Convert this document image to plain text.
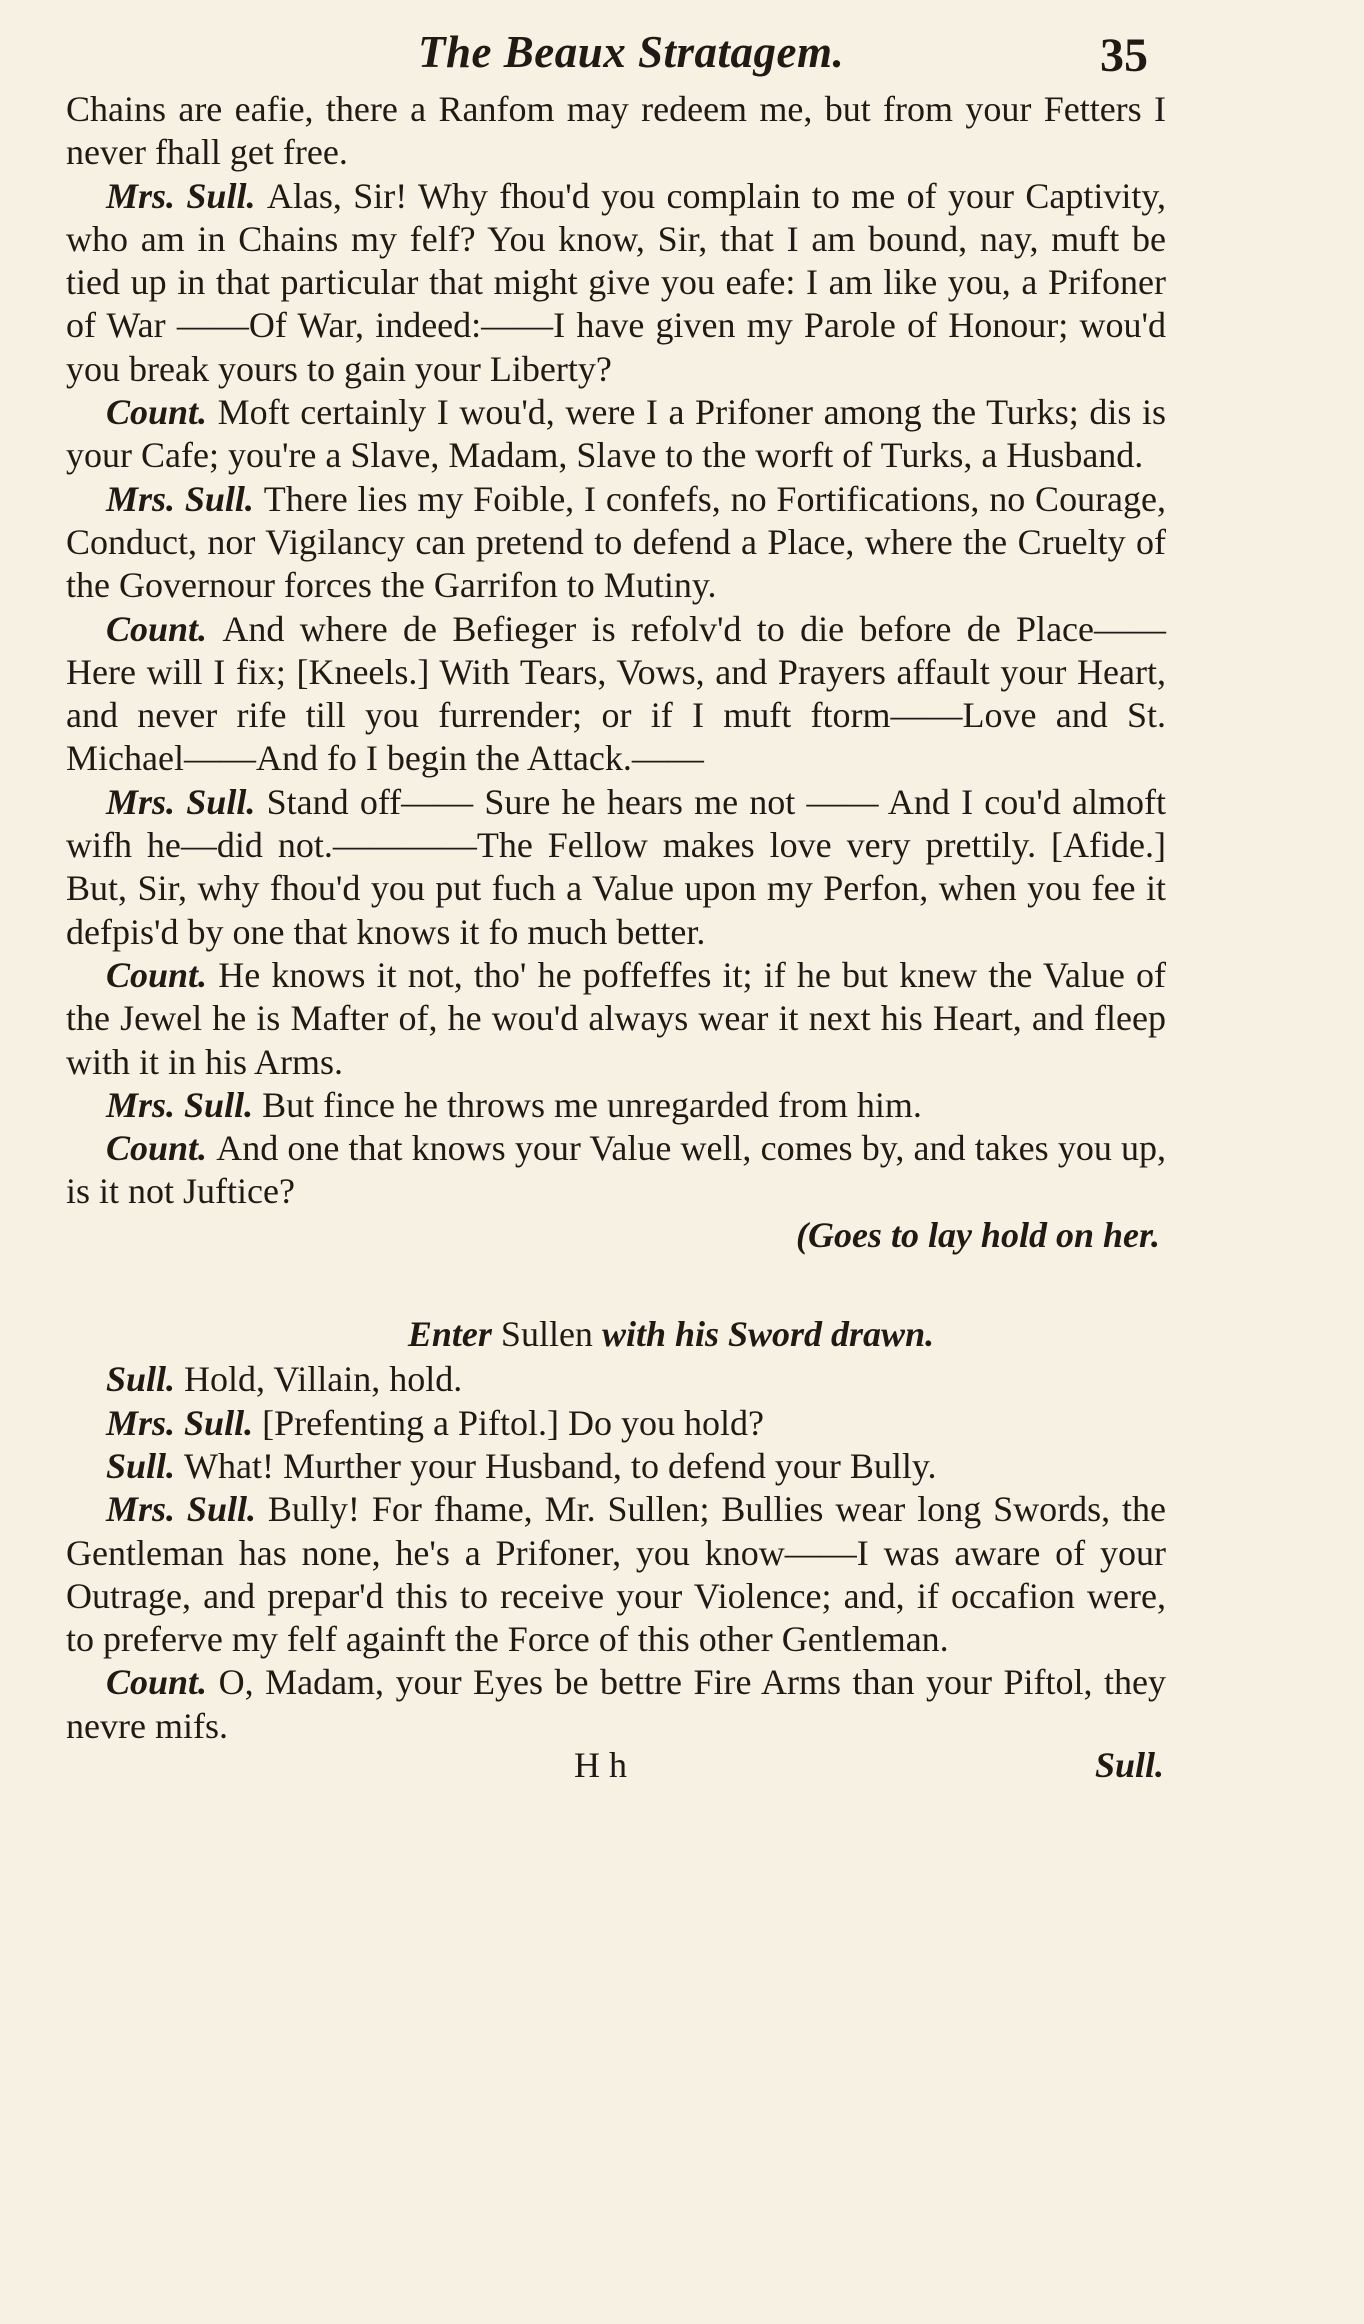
The Beaux Stratagem.	35

Chains are eafie, there a Ranfom may redeem me, but from your Fetters I never fhall get free.

Mrs. Sull. Alas, Sir! Why fhou'd you complain to me of your Captivity, who am in Chains my felf? You know, Sir, that I am bound, nay, muft be tied up in that particular that might give you eafe: I am like you, a Prifoner of War ——Of War, indeed:——I have given my Parole of Honour; wou'd you break yours to gain your Liberty?

Count. Moft certainly I wou'd, were I a Prifoner among the Turks; dis is your Cafe; you're a Slave, Madam, Slave to the worft of Turks, a Husband.

Mrs. Sull. There lies my Foible, I confefs, no Fortifications, no Courage, Conduct, nor Vigilancy can pretend to defend a Place, where the Cruelty of the Governour forces the Garrifon to Mutiny.

Count. And where de Befieger is refolv'd to die before de Place——Here will I fix; [Kneels.] With Tears, Vows, and Prayers affault your Heart, and never rife till you furrender; or if I muft ftorm——Love and St. Michael——And fo I begin the Attack.——

Mrs. Sull. Stand off—— Sure he hears me not —— And I cou'd almoft wifh he—did not.————The Fellow makes love very prettily. [Afide.] But, Sir, why fhou'd you put fuch a Value upon my Perfon, when you fee it defpis'd by one that knows it fo much better.

Count. He knows it not, tho' he poffeffes it; if he but knew the Value of the Jewel he is Mafter of, he wou'd always wear it next his Heart, and fleep with it in his Arms.

Mrs. Sull. But fince he throws me unregarded from him.

Count. And one that knows your Value well, comes by, and takes you up, is it not Juftice?

(Goes to lay hold on her.

Enter Sullen with his Sword drawn.

Sull. Hold, Villain, hold.

Mrs. Sull. [Prefenting a Piftol.] Do you hold?

Sull. What! Murther your Husband, to defend your Bully.

Mrs. Sull. Bully! For fhame, Mr. Sullen; Bullies wear long Swords, the Gentleman has none, he's a Prifoner, you know——I was aware of your Outrage, and prepar'd this to receive your Violence; and, if occafion were, to preferve my felf againft the Force of this other Gentleman.

Count. O, Madam, your Eyes be bettre Fire Arms than your Piftol, they nevre mifs.

H h	Sull.
